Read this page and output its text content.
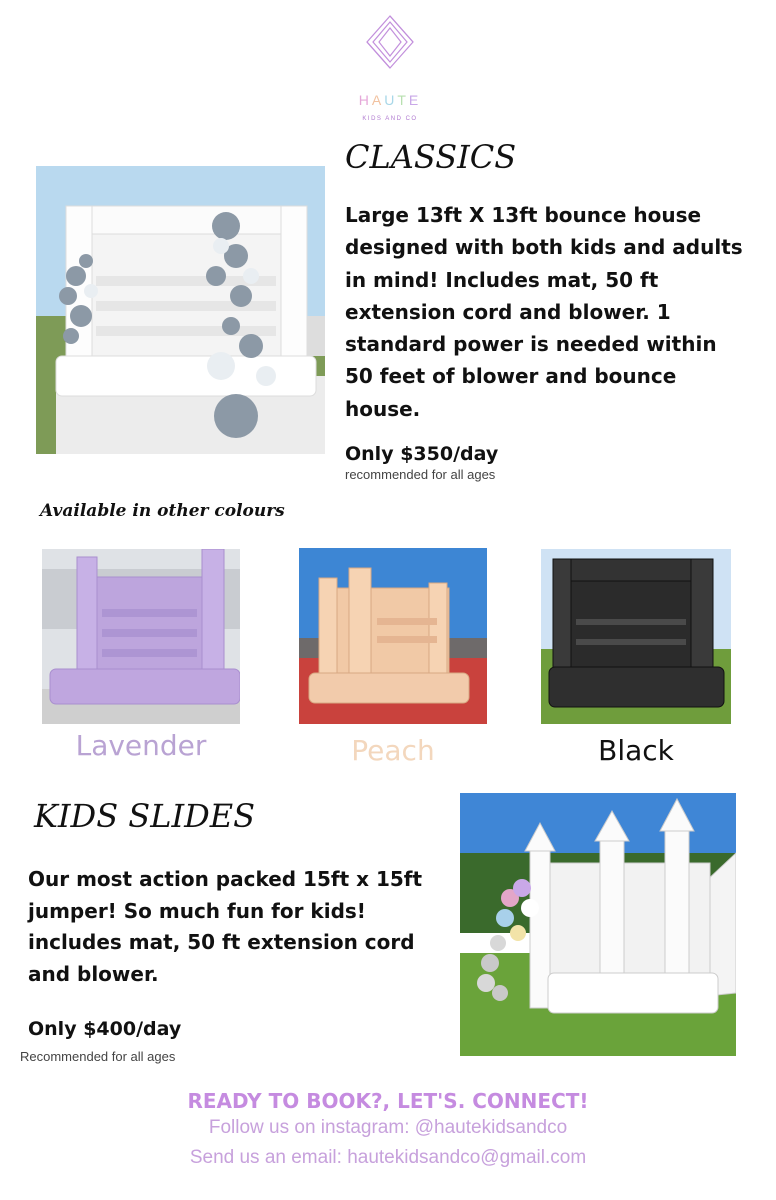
HAUTE
KIDS AND CO
CLASSICS

Large 13ft X 13ft bounce house designed with both kids and adults in mind! Includes mat, 50 ft extension cord and blower. 1 standard power is needed within 50 feet of blower and bounce house.

Only $350/day

recommended for all ages

Available in other colours

Lavender	Peach	Black

KIDS SLIDES

Our most action packed 15ft x 15ft jumper! So much fun for kids! includes mat, 50 ft extension cord and blower.

Only $400/day

Recommended for all ages

READY TO BOOK?, LET'S. CONNECT!

Follow us on instagram: @hautekidsandco

Send us an email: hautekidsandco@gmail.com
